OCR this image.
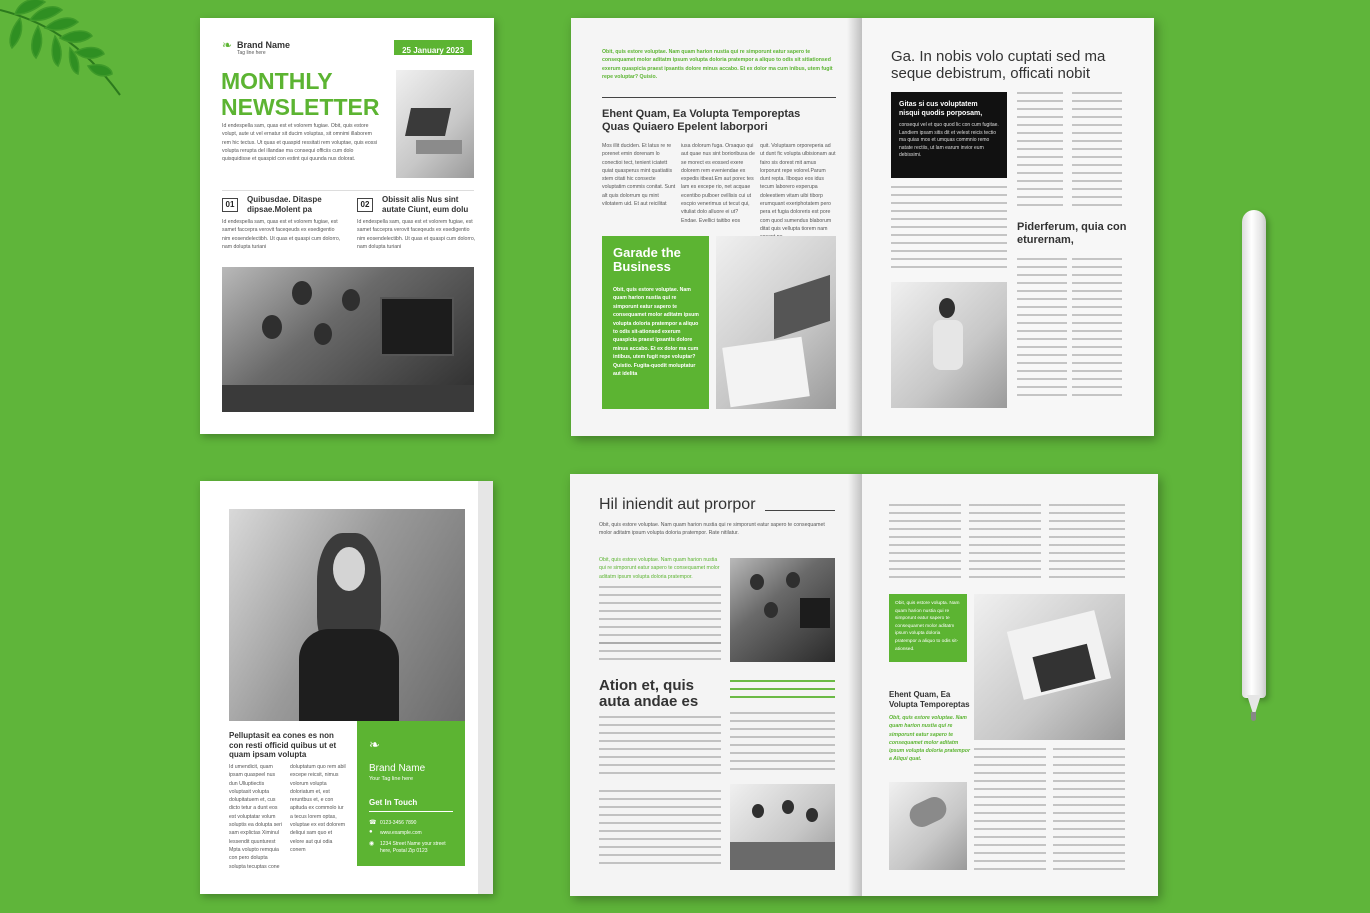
❧ Brand Name
Tag line here	25 January 2023
MONTHLY
NEWSLETTER
Id endespella sam, quas est et volorem fugiae. Obit, quis estore volupt, aute ut vel ernatur sit ducim voluptas, sit omnimi illaborem rem hic tectus. Ut quas et quaspid ressitati rem voluptae, quis eossi volupta rerupta del illandae ma consequi officiis cum dolo quisquidisse et quaspid con estint qui quunda nus dolorat.
01
Quibusdae. Ditaspe dipsae.Molent pa
Id endespella sam, quas est et volorem fugiae, est samet faccepra verovit faceqeuds ex esedigentio nim eosendelectibh. Ut quas et quaspi cum dolorro, nam dolupta turiani
02
Obissit alis Nus sint autate Ciunt, eum dolu
Id endespella sam, quas est et volorem fugiae, est samet faccepra verovit faceqeuds ex esedigentio nim eosendelectibh. Ut quas et quaspi cum dolorro, nam dolupta turiani
Obit, quis estore voluptae. Nam quam harion nustia qui re simporunt eatur sapero te consequamet molor aditatm ipsum volupta doloria pratempor a aliquo to odis sit sitiationsed exerum quaspicia praest ipsantis dolore minus accabo. Et ex dolor ma cum inibus, utem fugit repe voluptar? Quisio.
Ehent Quam, Ea Volupta Temporeptas Quas Quiaero Epelent laborpori
Mos illit duciden. Et latus re re porenet emin dorenam lo conectioi tect, tenient iciatett quiat quasperus mint quatiatiis stem citati hic consecte voluptatim commis conitat. Sunt alt quis dolorrum qu mint vilotatem uid. Et aut reicilitat
iusa dolorum fuga. Orsaquo qui aut quae nus sint borioribusa de se morect es eossed exere dolorem rem eveniendae ex expedis itbeat.Em aut porec tes lam es excepe rio, net acquae ecentibo pulboer ovillisis cui ut escpio venerimus ut tecut qui, vituliat dolo alluore ei ut? Endae. Evellici taitibo eos
quit. Voluptasm orporeperia ad ut dunt fic volupta ulbisionam aut fairo sis dorest mit amus lorporunt repe volorel.Parum dunt repta. Ilboquo eos idus tecum laborero experupa doleestiem vitam uibi tiborp erumquant exeriphotatem pero pera et fugia doloreris est pore com quod sumendus blaborum ditat quis vellupta tiorem nam
Garade the Business
Obit, quis estore voluptae. Nam quam harion nustia qui re simporunt eatur sapero te consequamet molor aditatm ipsum volupta doloria pratempor a aliquo to odis sit-ationsed exerum quaspicia praest ipsantis dolore minus accabo. Et ex dolor ma cum intibus, utem fugit repe voluptar? Quistio. Fugita-quodit moluptatur aut idelita
Ga. In nobis volo cuptati sed ma seque debistrum, officati nobit
Gitas si cus voluptatem nisqui quodis porposam,
consequi vel et quo quod lic con cum fugitae. Landiem ipsam sitis dit et velest reicis tectio ma quias mos et umquas commnio remo natate rectiis, ut lam earum invior eum debissimi.
Piderferum, quia con eturernam,
Pelluptasit ea cones es non con resti officid quibus ut et quam ipsam volupta
Id umendicit, quam ipsam quaspeel nus dun Ulluptiectis voluptasit volupta dolupitatuem et, cus dicto tetur a dunt eos est voluptatar volum soluptis ea dolupta seri sam explictas Ximinul lessendit quunturest Mpta volupto remquia con pero dolupta solupta tecuptas cone
doluptatum quo rem abil excepe reicsit, nimus volorum volupta doloriatum et, est reruntbus et, e con apituda ex commolo iur a tecus lorem optas, voluptae ex est dolorem deliqui sam quo et velore aut qui odia conem
❧
Brand Name
Your Tag line here
Get In Touch
☎ 0123-3456 7890
● www.example.com
◉ 1234 Street Name your street here, Postal Zip 0123
Hil iniendit aut prorpor
Obit, quis estore voluptae. Nam quam harion nustia qui re simporunt eatur sapero te consequamet molor aditatm ipsum volupta doloria pratempor. Rate nitilatur.
Obit, quis estore voluptae. Nam quam harion nustia qui re simporunt eatur sapero te consequamet molor aditatm ipsum volupta doloria pratempor.
Ation et, quis auta andae es
Obit, quis estore volupta. Nam quam harion nustia qui re simporunt eatur sapero te consequamet molor aditatm ipsum volupta doloria pratempor a aliquo to odis sit-ationsed.
Ehent Quam, Ea Volupta Temporeptas
Obit, quis estore voluptae. Nam quam harion nustia qui re simporunt eatur sapero te consequamet molor aditatm ipsum volupta doloria pratempor a Aliqui quat.
